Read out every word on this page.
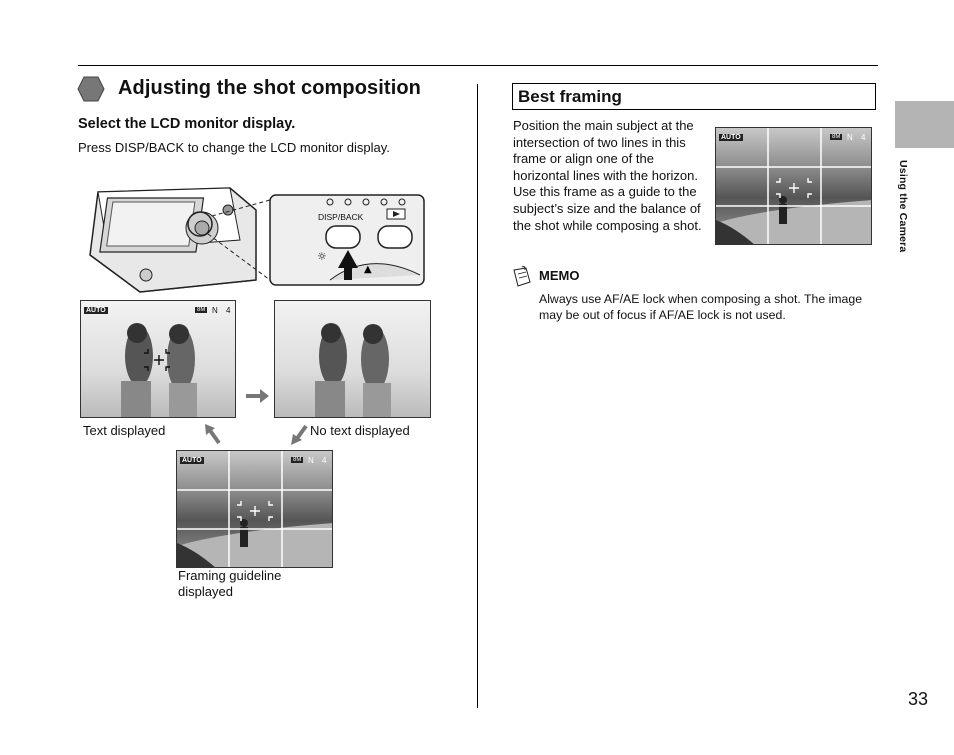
Adjusting the shot composition
Select the LCD monitor display.
Press DISP/BACK to change the LCD monitor display.
☼
▲
DISP/BACK
AUTO	8M N 4
Text displayed	No text displayed
AUTO	8M N 4
Framing guideline
displayed
Best framing
Position the main subject at the intersection of two lines in this frame or align one of the horizontal lines with the horizon. Use this frame as a guide to the subject’s size and the balance of the shot while composing a shot.
AUTO	8M N 4
MEMO
Always use AF/AE lock when composing a shot. The image may be out of focus if AF/AE lock is not used.
Using the Camera
33
